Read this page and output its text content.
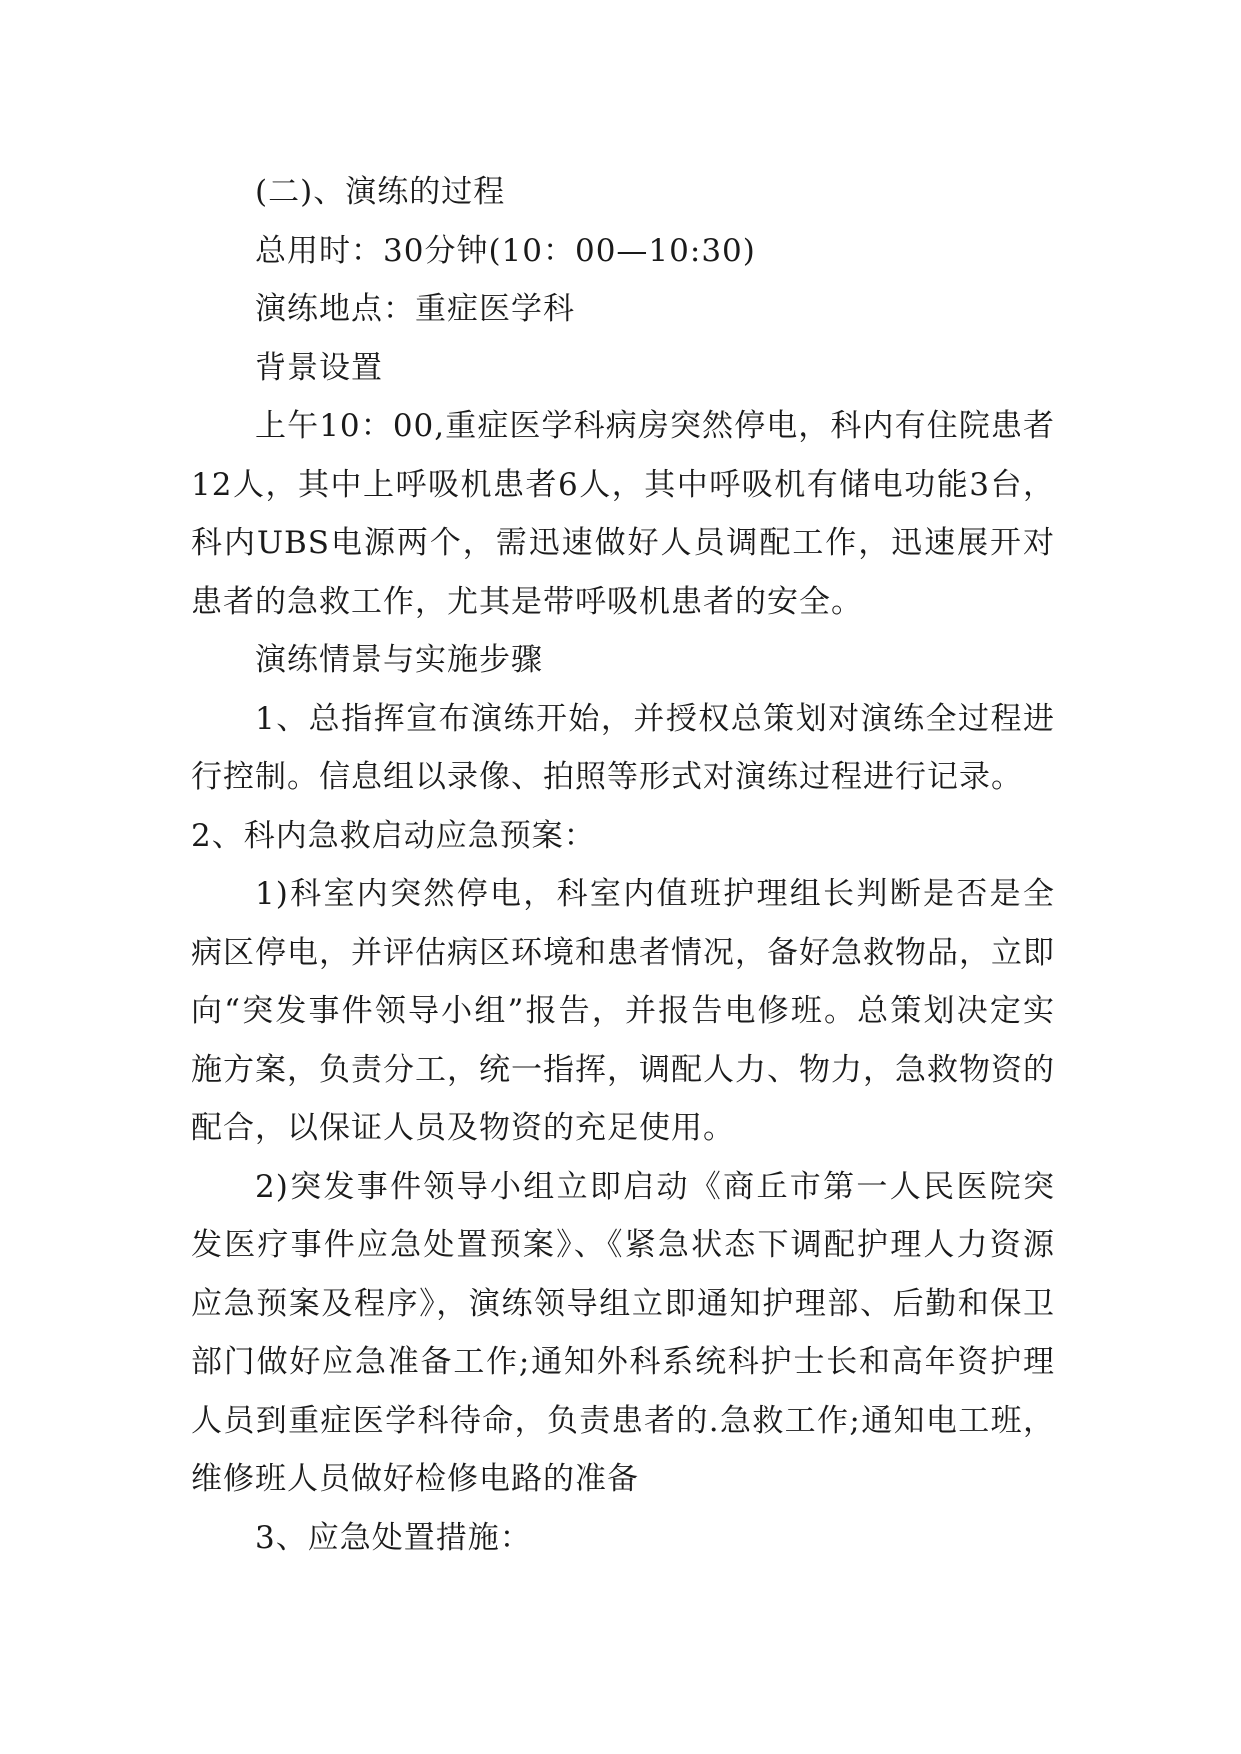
(二)、演练的过程

总用时：30分钟(10：00—10:30)

演练地点：重症医学科

背景设置

上午10：00,重症医学科病房突然停电，科内有住院患者12人，其中上呼吸机患者6人，其中呼吸机有储电功能3台，科内UBS电源两个，需迅速做好人员调配工作，迅速展开对患者的急救工作，尤其是带呼吸机患者的安全。

演练情景与实施步骤

1、总指挥宣布演练开始，并授权总策划对演练全过程进行控制。信息组以录像、拍照等形式对演练过程进行记录。

2、科内急救启动应急预案：

1)科室内突然停电，科室内值班护理组长判断是否是全病区停电，并评估病区环境和患者情况，备好急救物品，立即向“突发事件领导小组”报告，并报告电修班。总策划决定实施方案，负责分工，统一指挥，调配人力、物力，急救物资的配合，以保证人员及物资的充足使用。

2)突发事件领导小组立即启动《商丘市第一人民医院突发医疗事件应急处置预案》、《紧急状态下调配护理人力资源应急预案及程序》，演练领导组立即通知护理部、后勤和保卫部门做好应急准备工作;通知外科系统科护士长和高年资护理人员到重症医学科待命，负责患者的.急救工作;通知电工班，维修班人员做好检修电路的准备

3、应急处置措施：
